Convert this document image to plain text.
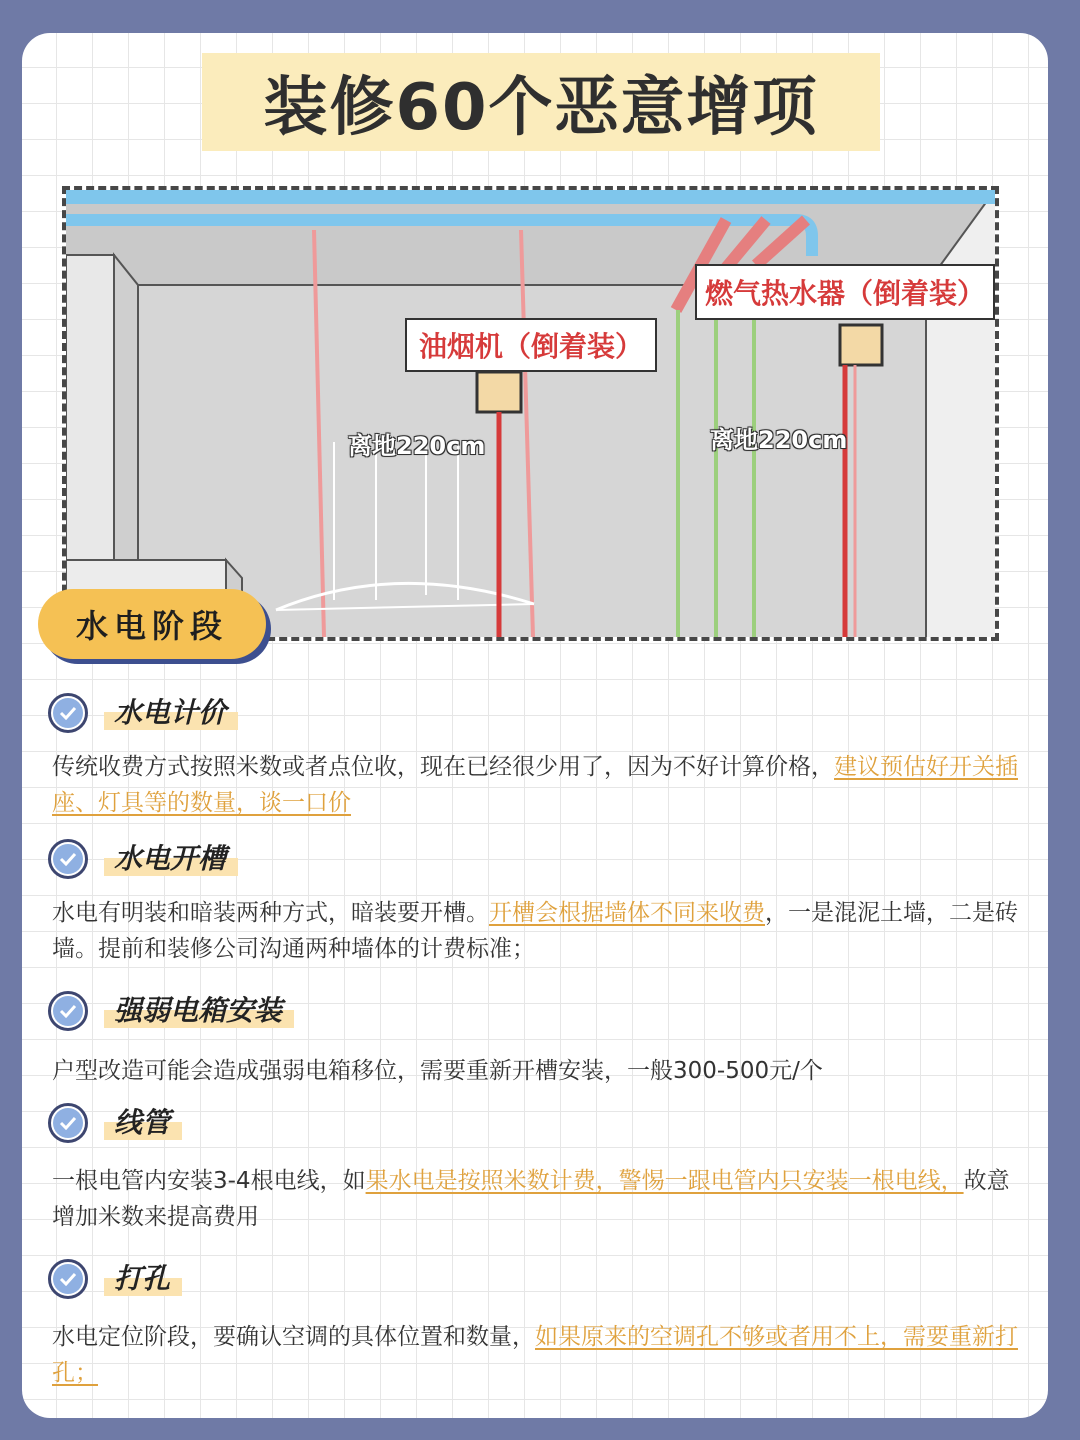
装修60个恶意增项
油烟机（倒着装）
燃气热水器（倒着装）
离地220cm	离地220cm
水电阶段
水电计价
传统收费方式按照米数或者点位收，现在已经很少用了，因为不好计算价格，建议预估好开关插座、灯具等的数量，谈一口价
水电开槽
水电有明装和暗装两种方式，暗装要开槽。开槽会根据墙体不同来收费，一是混泥土墙，二是砖墙。提前和装修公司沟通两种墙体的计费标准；
强弱电箱安装
户型改造可能会造成强弱电箱移位，需要重新开槽安装，一般300-500元/个
线管
一根电管内安装3-4根电线，如果水电是按照米数计费，警惕一跟电管内只安装一根电线，故意增加米数来提高费用
打孔
水电定位阶段，要确认空调的具体位置和数量，如果原来的空调孔不够或者用不上，需要重新打孔；
